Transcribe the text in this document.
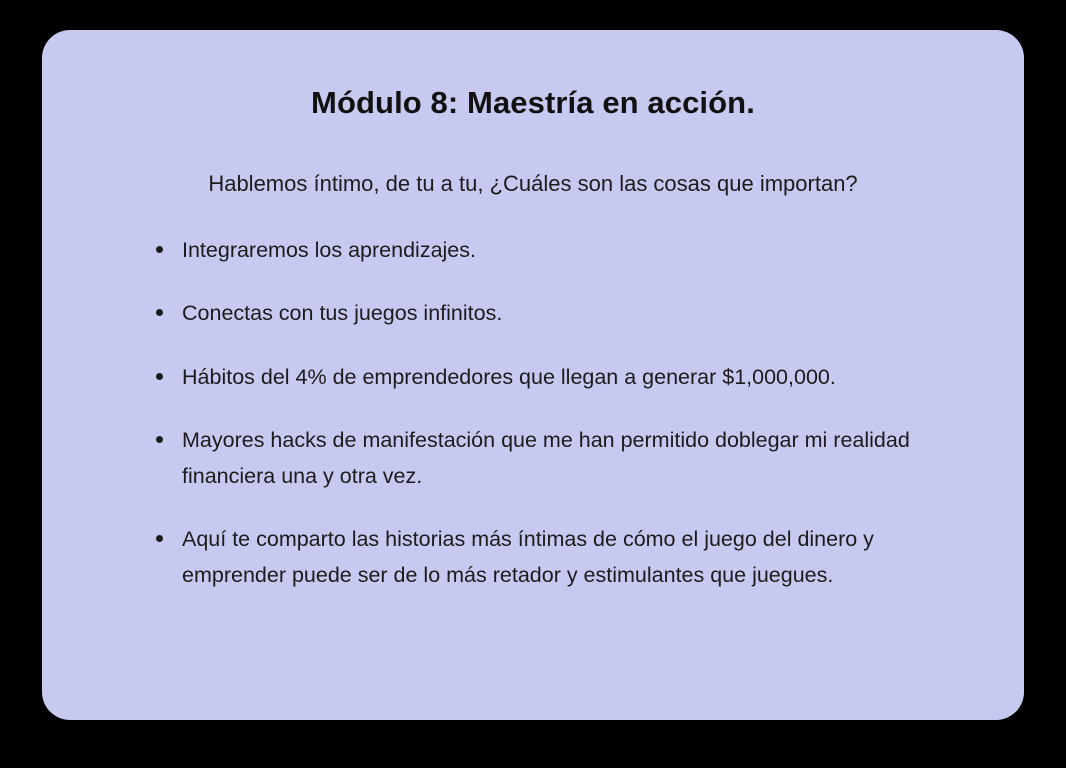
Módulo 8: Maestría en acción.

Hablemos íntimo, de tu a tu, ¿Cuáles son las cosas que importan?

Integraremos los aprendizajes.
Conectas con tus juegos infinitos.
Hábitos del 4% de emprendedores que llegan a generar $1,000,000.
Mayores hacks de manifestación que me han permitido doblegar mi realidad financiera una y otra vez.
Aquí te comparto las historias más íntimas de cómo el juego del dinero y emprender puede ser de lo más retador y estimulantes que juegues.
